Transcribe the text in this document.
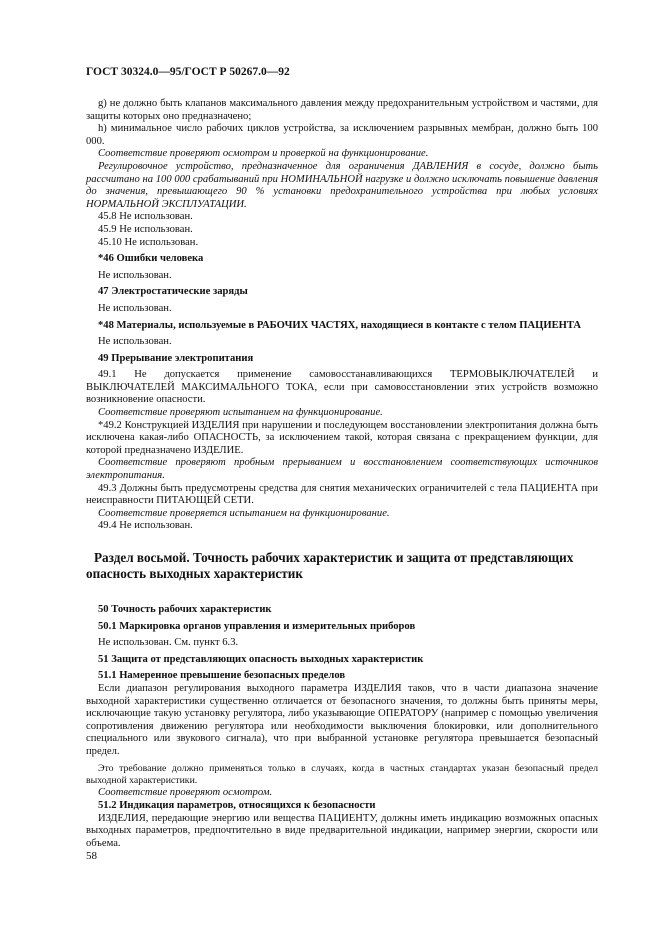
ГОСТ 30324.0—95/ГОСТ Р 50267.0—92

g) не должно быть клапанов максимального давления между предохранительным устройством и частями, для защиты которых оно предназначено;

h) минимальное число рабочих циклов устройства, за исключением разрывных мембран, должно быть 100 000.

Соответствие проверяют осмотром и проверкой на функционирование.

Регулировочное устройство, предназначенное для ограничения ДАВЛЕНИЯ в сосуде, должно быть рассчитано на 100 000 срабатываний при НОМИНАЛЬНОЙ нагрузке и должно исключать повышение давления до значения, превышающего 90 % установки предохранительного устройства при любых условиях НОРМАЛЬНОЙ ЭКСПЛУАТАЦИИ.

45.8 Не использован.

45.9 Не использован.

45.10 Не использован.

*46 Ошибки человека

Не использован.

47 Электростатические заряды

Не использован.

*48 Материалы, используемые в РАБОЧИХ ЧАСТЯХ, находящиеся в контакте с телом ПАЦИЕНТА

Не использован.

49 Прерывание электропитания

49.1 Не допускается применение самовосстанавливающихся ТЕРМОВЫКЛЮЧАТЕЛЕЙ и ВЫКЛЮЧАТЕЛЕЙ МАКСИМАЛЬНОГО ТОКА, если при самовосстановлении этих устройств возможно возникновение опасности.

Соответствие проверяют испытанием на функционирование.

*49.2 Конструкцией ИЗДЕЛИЯ при нарушении и последующем восстановлении электропитания должна быть исключена какая-либо ОПАСНОСТЬ, за исключением такой, которая связана с прекращением функции, для которой предназначено ИЗДЕЛИЕ.

Соответствие проверяют пробным прерыванием и восстановлением соответствующих источников электропитания.

49.3 Должны быть предусмотрены средства для снятия механических ограничителей с тела ПАЦИЕНТА при неисправности ПИТАЮЩЕЙ СЕТИ.

Соответствие проверяется испытанием на функционирование.

49.4 Не использован.

Раздел восьмой. Точность рабочих характеристик и защита от представляющих опасность выходных характеристик

50 Точность рабочих характеристик

50.1 Маркировка органов управления и измерительных приборов

Не использован. См. пункт 6.3.

51 Защита от представляющих опасность выходных характеристик

51.1 Намеренное превышение безопасных пределов

Если диапазон регулирования выходного параметра ИЗДЕЛИЯ таков, что в части диапазона значение выходной характеристики существенно отличается от безопасного значения, то должны быть приняты меры, исключающие такую установку регулятора, либо указывающие ОПЕРАТОРУ (например с помощью увеличения сопротивления движению регулятора или необходимости выключения блокировки, или дополнительного специального или звукового сигнала), что при выбранной установке регулятора превышается безопасный предел.

Это требование должно применяться только в случаях, когда в частных стандартах указан безопасный предел выходной характеристики.

Соответствие проверяют осмотром.

51.2 Индикация параметров, относящихся к безопасности

ИЗДЕЛИЯ, передающие энергию или вещества ПАЦИЕНТУ, должны иметь индикацию возможных опасных выходных параметров, предпочтительно в виде предварительной индикации, например энергии, скорости или объема.

58
